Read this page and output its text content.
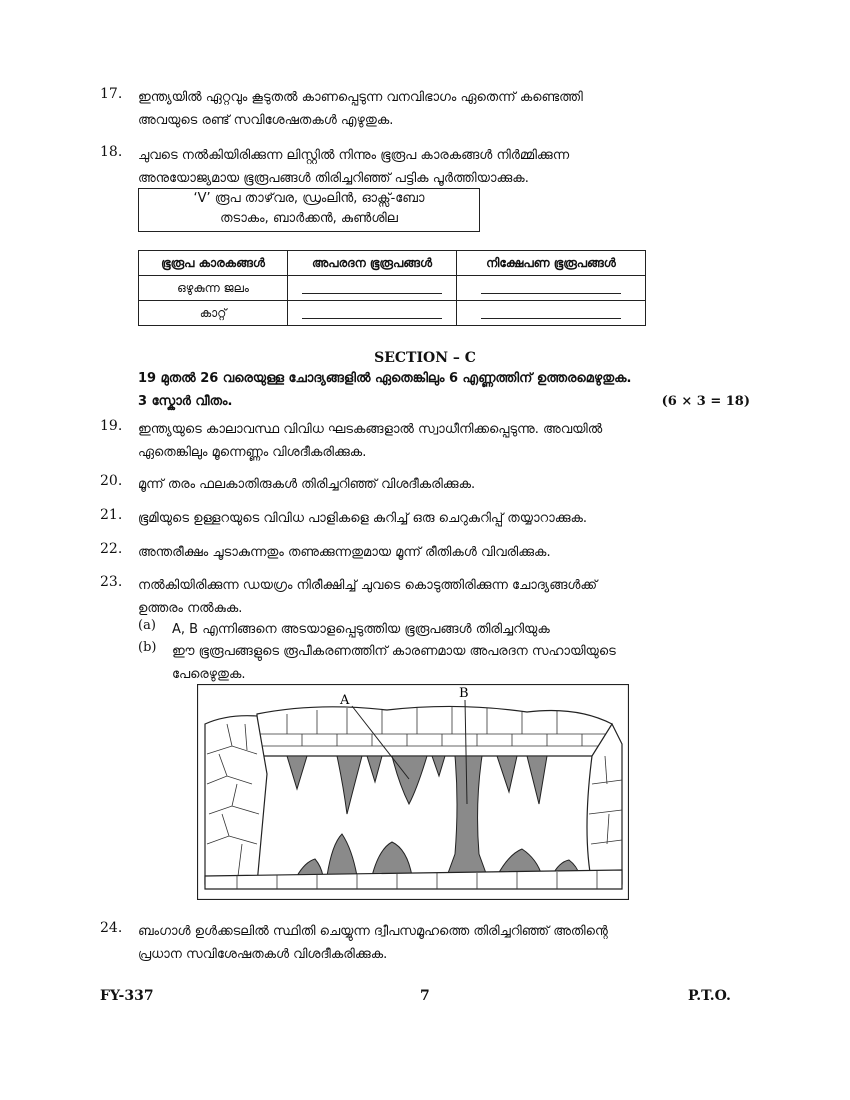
17.	ഇന്ത്യയിൽ ഏറ്റവും കൂടുതൽ കാണപ്പെടുന്ന വനവിഭാഗം ഏതെന്ന് കണ്ടെത്തി
അവയുടെ രണ്ട് സവിശേഷതകൾ എഴുതുക.
18.	ചുവടെ നൽകിയിരിക്കുന്ന ലിസ്റ്റിൽ നിന്നും ഭൂരൂപ കാരകങ്ങൾ നിർമ്മിക്കുന്ന
അനുയോജ്യമായ ഭൂരൂപങ്ങൾ തിരിച്ചറിഞ്ഞ് പട്ടിക പൂർത്തിയാക്കുക.
‘V’ രൂപ താഴ്‌വര, ഡ്രംലിൻ, ഓക്സ്-ബോ
തടാകം, ബാർക്കൻ, കുൺശില
ഭൂരൂപ കാരകങ്ങൾ	അപരദന ഭൂരൂപങ്ങൾ	നിക്ഷേപണ ഭൂരൂപങ്ങൾ
ഒഴുകുന്ന ജലം		
കാറ്റ്		
SECTION – C
19 മുതൽ 26 വരെയുള്ള ചോദ്യങ്ങളിൽ ഏതെങ്കിലും 6 എണ്ണത്തിന് ഉത്തരമെഴുതുക.
3 സ്കോർ വീതം.	(6 × 3 = 18)
19.	ഇന്ത്യയുടെ കാലാവസ്ഥ വിവിധ ഘടകങ്ങളാൽ സ്വാധീനിക്കപ്പെടുന്നു. അവയിൽ
ഏതെങ്കിലും മൂന്നെണ്ണം വിശദീകരിക്കുക.
20.	മൂന്ന് തരം ഫലകാതിരുകൾ തിരിച്ചറിഞ്ഞ് വിശദീകരിക്കുക.
21.	ഭൂമിയുടെ ഉള്ളറയുടെ വിവിധ പാളികളെ കുറിച്ച് ഒരു ചെറുകുറിപ്പ് തയ്യാറാക്കുക.
22.	അന്തരീക്ഷം ചൂടാകുന്നതും തണുക്കുന്നതുമായ മൂന്ന് രീതികൾ വിവരിക്കുക.
23.	നൽകിയിരിക്കുന്ന ഡയഗ്രം നിരീക്ഷിച്ച് ചുവടെ കൊടുത്തിരിക്കുന്ന ചോദ്യങ്ങൾക്ക്
ഉത്തരം നൽകുക.
(a) A, B എന്നിങ്ങനെ അടയാളപ്പെടുത്തിയ ഭൂരൂപങ്ങൾ തിരിച്ചറിയുക
(b) ഈ ഭൂരൂപങ്ങളുടെ രൂപീകരണത്തിന് കാരണമായ അപരദന സഹായിയുടെ
പേരെഴുതുക.
A	B
24.	ബംഗാൾ ഉൾക്കടലിൽ സ്ഥിതി ചെയ്യുന്ന ദ്വീപസമൂഹത്തെ തിരിച്ചറിഞ്ഞ് അതിന്റെ
പ്രധാന സവിശേഷതകൾ വിശദീകരിക്കുക.
FY-337	7	P.T.O.
